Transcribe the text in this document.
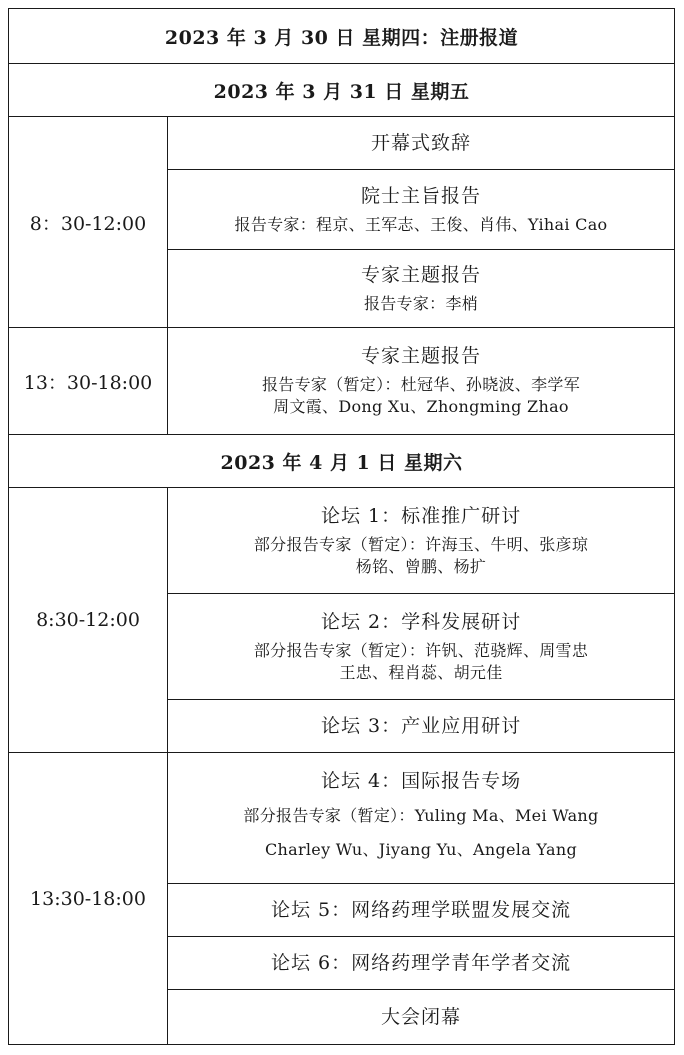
2023 年 3 月 30 日 星期四：注册报道	
2023 年 3 月 31 日 星期五	
8：30-12:00	开幕式致辞

	院士主旨报告
报告专家：程京、王军志、王俊、肖伟、Yihai Cao

	专家主题报告
报告专家：李梢

13：30-18:00	专家主题报告
报告专家（暂定）：杜冠华、孙晓波、李学军
周文霞、Dong Xu、Zhongming Zhao

2023 年 4 月 1 日 星期六	
8:30-12:00	论坛 1：标准推广研讨
部分报告专家（暂定）：许海玉、牛明、张彦琼
杨铭、曾鹏、杨扩

	论坛 2：学科发展研讨
部分报告专家（暂定）：许钒、范骁辉、周雪忠
王忠、程肖蕊、胡元佳

	论坛 3：产业应用研讨
13:30-18:00	论坛 4：国际报告专场
部分报告专家（暂定）：Yuling Ma、Mei Wang
Charley Wu、Jiyang Yu、Angela Yang

	论坛 5：网络药理学联盟发展交流
	论坛 6：网络药理学青年学者交流
	大会闭幕
